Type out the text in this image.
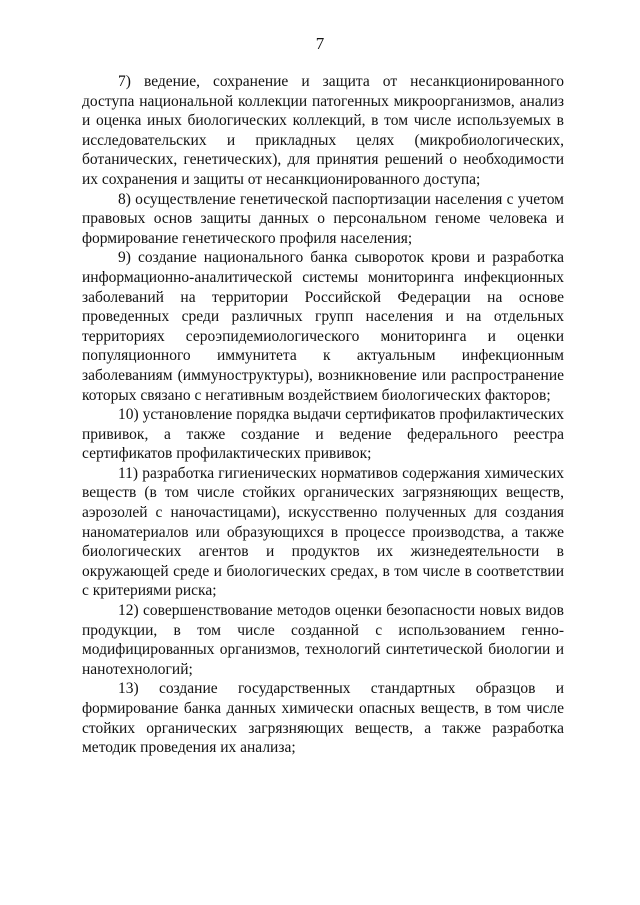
7

7) ведение, сохранение и защита от несанкционированного доступа национальной коллекции патогенных микроорганизмов, анализ и оценка иных биологических коллекций, в том числе используемых в исследовательских и прикладных целях (микробиологических, ботанических, генетических), для принятия решений о необходимости их сохранения и защиты от несанкционированного доступа;

8) осуществление генетической паспортизации населения с учетом правовых основ защиты данных о персональном геноме человека и формирование генетического профиля населения;

9) создание национального банка сывороток крови и разработка информационно-аналитической системы мониторинга инфекционных заболеваний на территории Российской Федерации на основе проведенных среди различных групп населения и на отдельных территориях сероэпидемиологического мониторинга и оценки популяционного иммунитета к актуальным инфекционным заболеваниям (иммуноструктуры), возникновение или распространение которых связано с негативным воздействием биологических факторов;

10) установление порядка выдачи сертификатов профилактических прививок, а также создание и ведение федерального реестра сертификатов профилактических прививок;

11) разработка гигиенических нормативов содержания химических веществ (в том числе стойких органических загрязняющих веществ, аэрозолей с наночастицами), искусственно полученных для создания наноматериалов или образующихся в процессе производства, а также биологических агентов и продуктов их жизнедеятельности в окружающей среде и биологических средах, в том числе в соответствии с критериями риска;

12) совершенствование методов оценки безопасности новых видов продукции, в том числе созданной с использованием генно-модифицированных организмов, технологий синтетической биологии и нанотехнологий;

13) создание государственных стандартных образцов и формирование банка данных химически опасных веществ, в том числе стойких органических загрязняющих веществ, а также разработка методик проведения их анализа;
